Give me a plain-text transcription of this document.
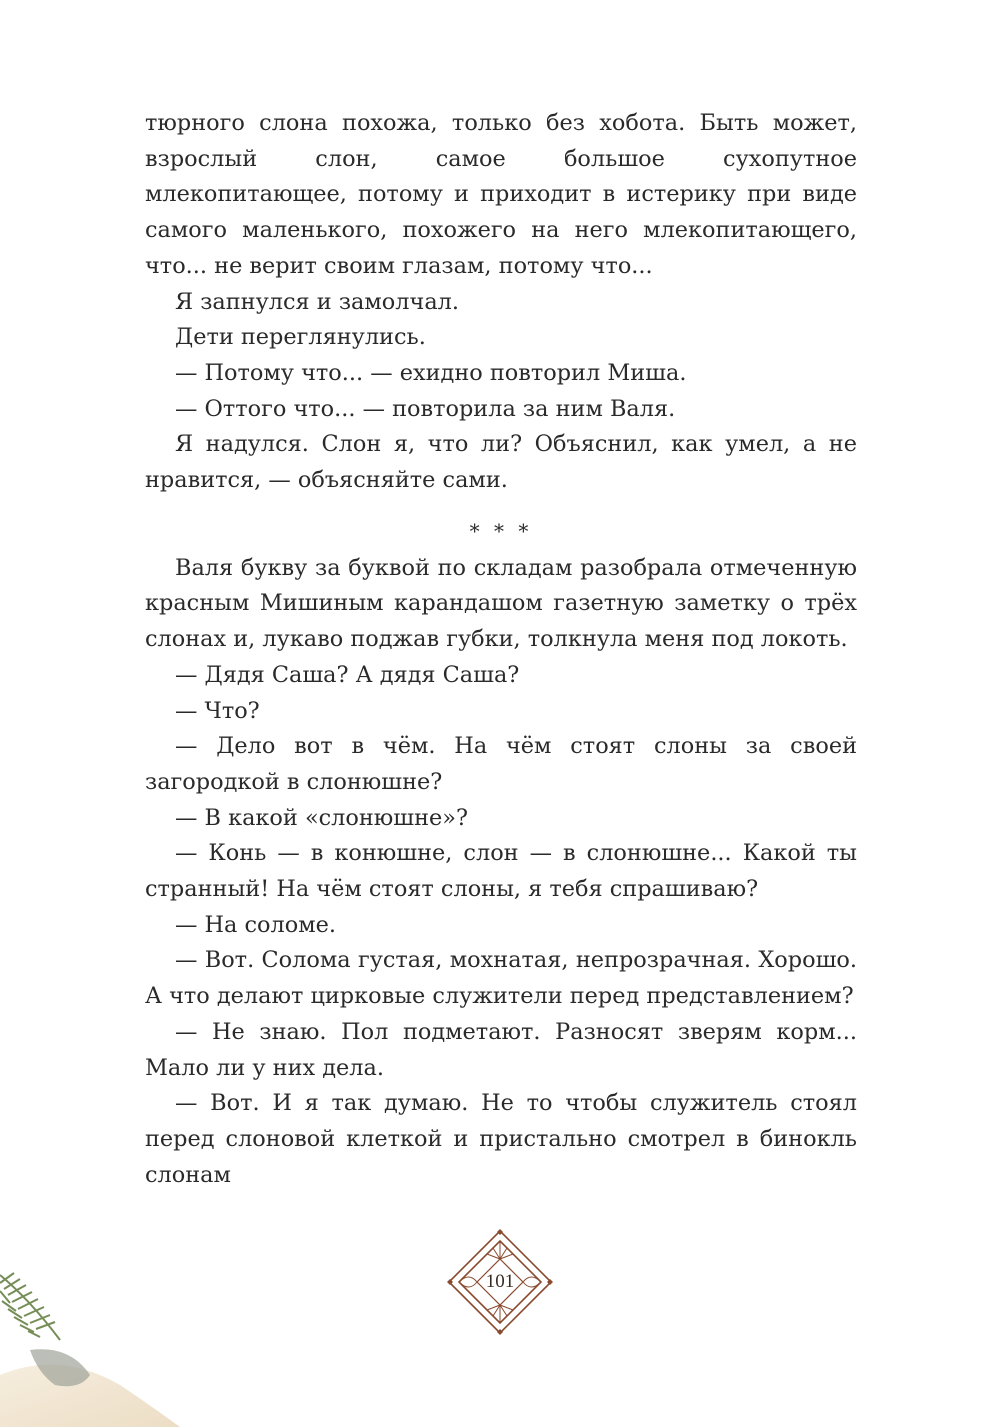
тюрного слона похожа, только без хобота. Быть может, взрослый слон, самое большое сухопутное млекопитающее, потому и приходит в истерику при виде самого маленького, похожего на него млекопитающего, что... не верит своим глазам, потому что...

Я запнулся и замолчал.

Дети переглянулись.

— Потому что... — ехидно повторил Миша.

— Оттого что... — повторила за ним Валя.

Я надулся. Слон я, что ли? Объяснил, как умел, а не нравится, — объясняйте сами.

* * *

Валя букву за буквой по складам разобрала отмеченную красным Мишиным карандашом газетную заметку о трёх слонах и, лукаво поджав губки, толкнула меня под локоть.

— Дядя Саша? А дядя Саша?

— Что?

— Дело вот в чём. На чём стоят слоны за своей загородкой в слонюшне?

— В какой «слонюшне»?

— Конь — в конюшне, слон — в слонюшне... Какой ты странный! На чём стоят слоны, я тебя спрашиваю?

— На соломе.

— Вот. Солома густая, мохнатая, непрозрачная. Хорошо. А что делают цирковые служители перед представлением?

— Не знаю. Пол подметают. Разносят зверям корм... Мало ли у них дела.

— Вот. И я так думаю. Не то чтобы служитель стоял перед слоновой клеткой и пристально смотрел в бинокль слонам

101
